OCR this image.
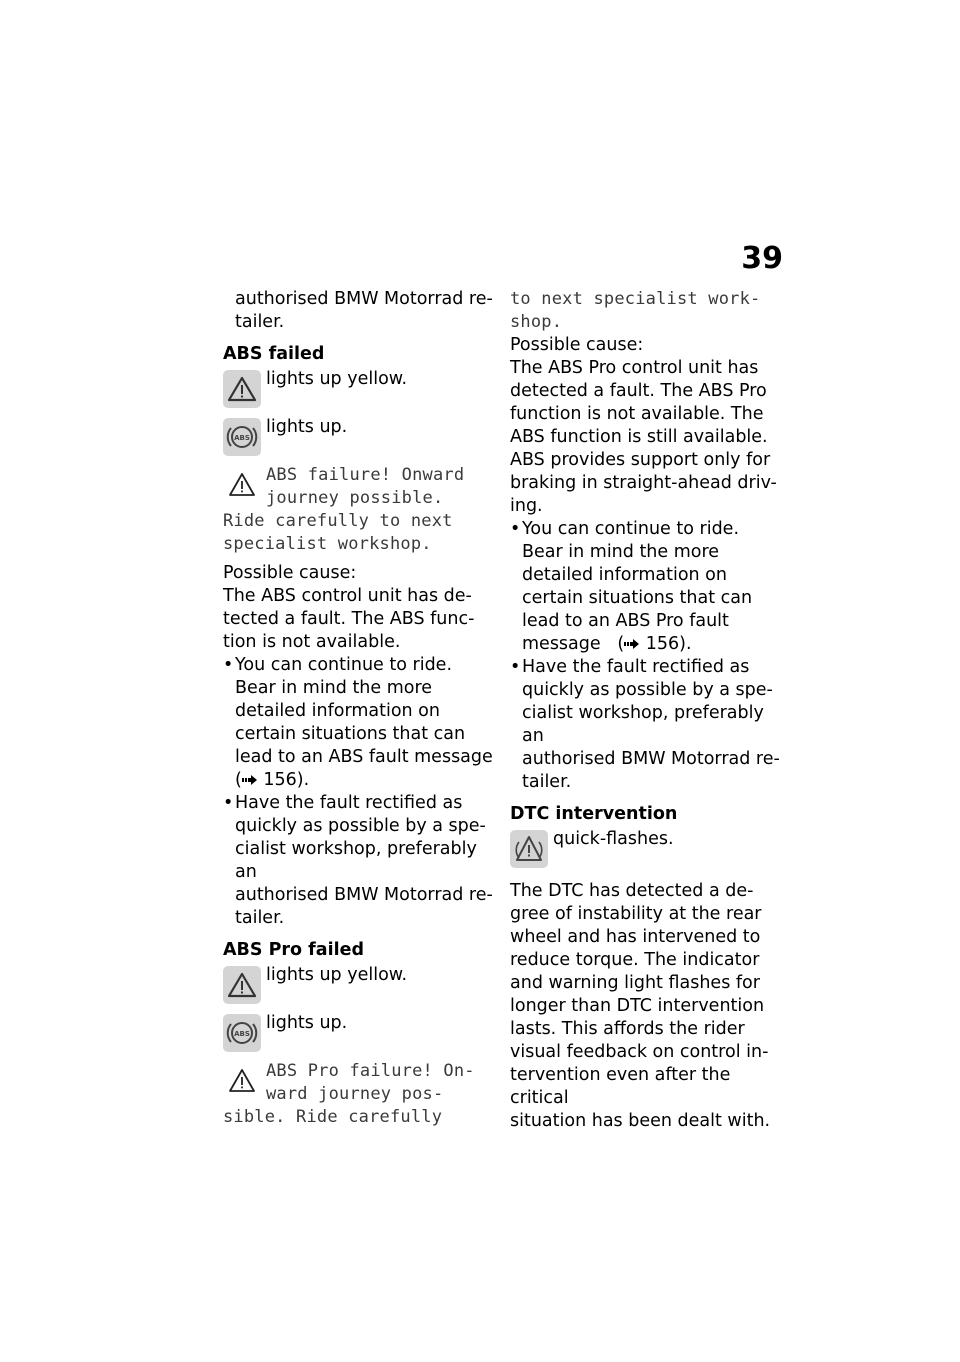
39

authorised BMW Motorrad re-

tailer.

ABS failed
lights up yellow.
ABS
lights up.

ABS failure! Onward

journey possible.

Ride carefully to next

specialist workshop.

Possible cause:

The ABS control unit has de-

tected a fault. The ABS func-

tion is not available.

• You can continue to ride.

Bear in mind the more

detailed information on

certain situations that can

lead to an ABS fault message

( 156).

• Have the fault rectified as

quickly as possible by a spe-

cialist workshop, preferably an

authorised BMW Motorrad re-

tailer.

ABS Pro failed
lights up yellow.
ABS
lights up.

ABS Pro failure! On-

ward journey pos-

sible. Ride carefully

to next specialist work-

shop.

Possible cause:

The ABS Pro control unit has

detected a fault. The ABS Pro

function is not available. The

ABS function is still available.

ABS provides support only for

braking in straight-ahead driv-

ing.

• You can continue to ride.

Bear in mind the more

detailed information on

certain situations that can

lead to an ABS Pro fault

message   ( 156).

• Have the fault rectified as

quickly as possible by a spe-

cialist workshop, preferably an

authorised BMW Motorrad re-

tailer.

DTC intervention
quick-flashes.

The DTC has detected a de-

gree of instability at the rear

wheel and has intervened to

reduce torque. The indicator

and warning light flashes for

longer than DTC intervention

lasts. This affords the rider

visual feedback on control in-

tervention even after the critical

situation has been dealt with.
